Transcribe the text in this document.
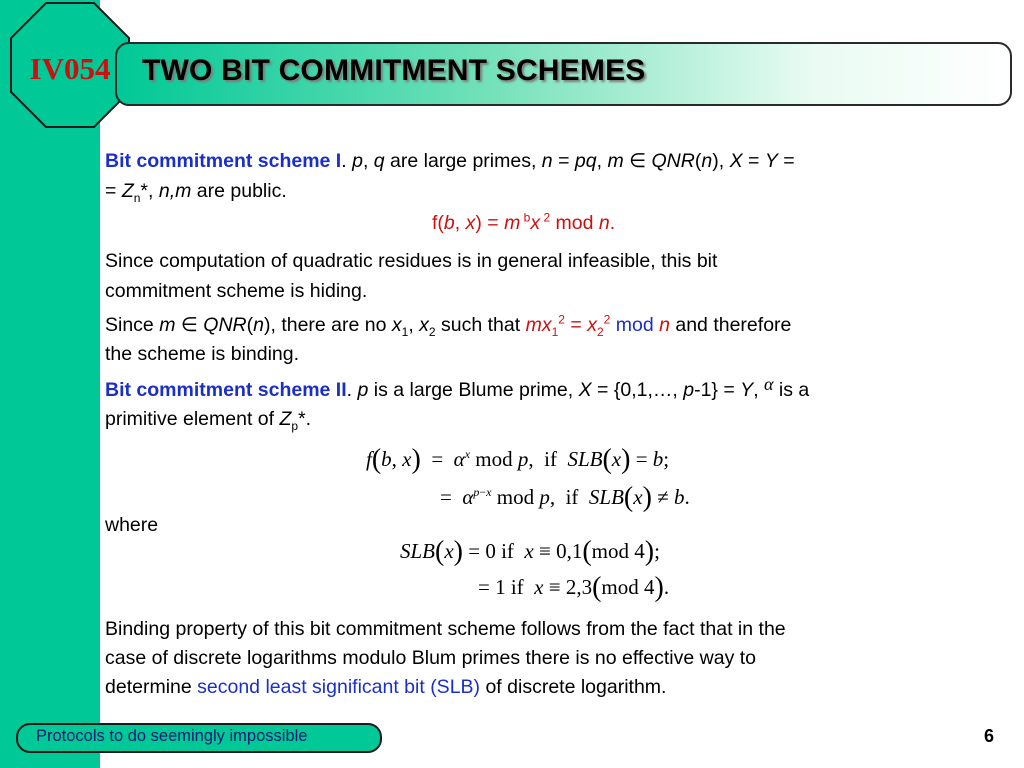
IV054 TWO BIT COMMITMENT SCHEMES
Bit commitment scheme I. p, q are large primes, n = pq, m ∈ QNR(n), X = Y =
= $Z_n*$, n,m are public.
f(b, x) = m $^b$x $^2$ mod n.
Since computation of quadratic residues is in general infeasible, this bit
commitment scheme is hiding.
Since m ∈ QNR(n), there are no $x_1$, $x_2$ such that $mx_1^2 = x_2^2$ mod n and therefore
the scheme is binding.
Bit commitment scheme II. p is a large Blume prime, X = {0,1,…, p-1} = Y, α is a
primitive element of $Z_p*$.
f(b, $x) = \alpha^x$ mod p,  if  SLB(x) = b;
=  $\alpha^{p-x}$ mod p,  if  SLB(x) ≠ b.
where
SLB(x) = 0 if  x ≡ 0,1(mod 4);
= 1 if  x ≡ 2,3(mod 4).
Binding property of this bit commitment scheme follows from the fact that in the
case of discrete logarithms modulo Blum primes there is no effective way to
determine second least significant bit (SLB) of discrete logarithm.
Protocols to do seemingly impossible	6
